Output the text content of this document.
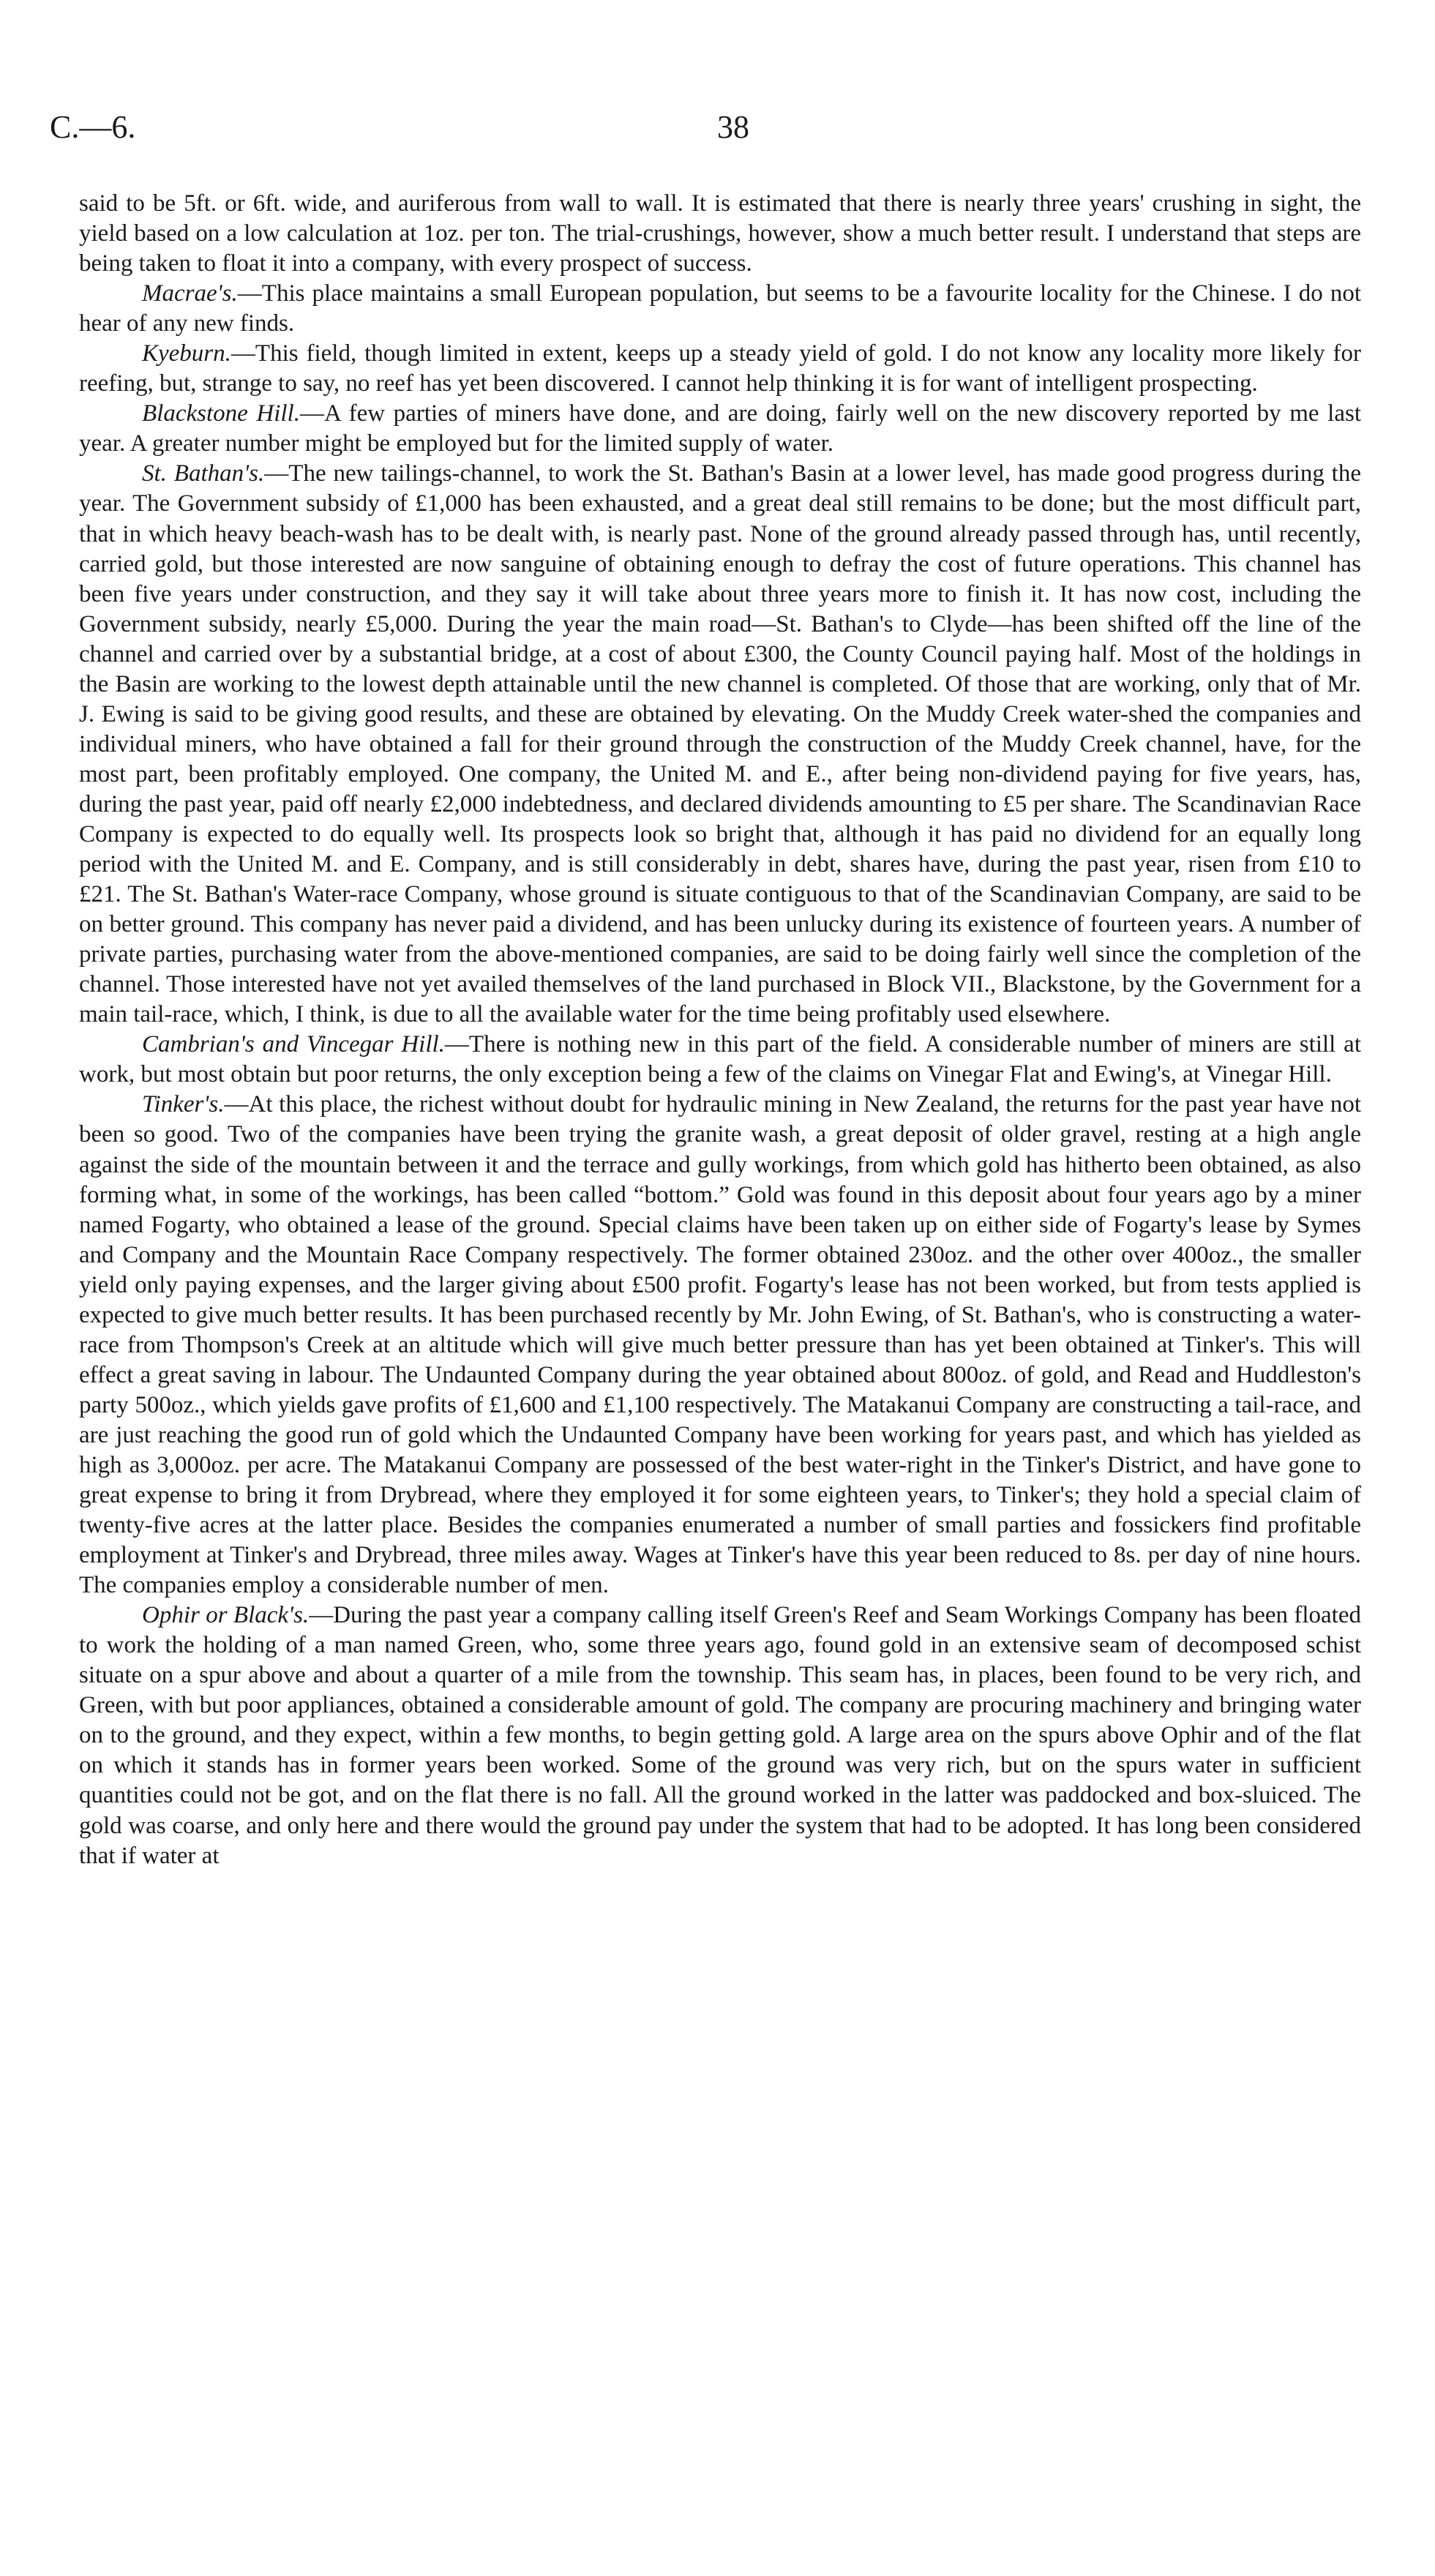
C.—6.	38

said to be 5ft. or 6ft. wide, and auriferous from wall to wall. It is estimated that there is nearly three years' crushing in sight, the yield based on a low calculation at 1oz. per ton. The trial-crushings, however, show a much better result. I understand that steps are being taken to float it into a company, with every prospect of success.

Macrae's.—This place maintains a small European population, but seems to be a favourite locality for the Chinese. I do not hear of any new finds.

Kyeburn.—This field, though limited in extent, keeps up a steady yield of gold. I do not know any locality more likely for reefing, but, strange to say, no reef has yet been discovered. I cannot help thinking it is for want of intelligent prospecting.

Blackstone Hill.—A few parties of miners have done, and are doing, fairly well on the new discovery reported by me last year. A greater number might be employed but for the limited supply of water.

St. Bathan's.—The new tailings-channel, to work the St. Bathan's Basin at a lower level, has made good progress during the year. The Government subsidy of £1,000 has been exhausted, and a great deal still remains to be done; but the most difficult part, that in which heavy beach-wash has to be dealt with, is nearly past. None of the ground already passed through has, until recently, carried gold, but those interested are now sanguine of obtaining enough to defray the cost of future operations. This channel has been five years under construction, and they say it will take about three years more to finish it. It has now cost, including the Government subsidy, nearly £5,000. During the year the main road—St. Bathan's to Clyde—has been shifted off the line of the channel and carried over by a substantial bridge, at a cost of about £300, the County Council paying half. Most of the holdings in the Basin are working to the lowest depth attainable until the new channel is completed. Of those that are working, only that of Mr. J. Ewing is said to be giving good results, and these are obtained by elevating. On the Muddy Creek water-shed the companies and individual miners, who have obtained a fall for their ground through the construction of the Muddy Creek channel, have, for the most part, been profitably employed. One company, the United M. and E., after being non-dividend paying for five years, has, during the past year, paid off nearly £2,000 indebtedness, and declared dividends amounting to £5 per share. The Scandinavian Race Company is expected to do equally well. Its prospects look so bright that, although it has paid no dividend for an equally long period with the United M. and E. Company, and is still considerably in debt, shares have, during the past year, risen from £10 to £21. The St. Bathan's Water-race Company, whose ground is situate contiguous to that of the Scandinavian Company, are said to be on better ground. This company has never paid a dividend, and has been unlucky during its existence of fourteen years. A number of private parties, purchasing water from the above-mentioned companies, are said to be doing fairly well since the completion of the channel. Those interested have not yet availed themselves of the land purchased in Block VII., Blackstone, by the Government for a main tail-race, which, I think, is due to all the available water for the time being profitably used elsewhere.

Cambrian's and Vincegar Hill.—There is nothing new in this part of the field. A considerable number of miners are still at work, but most obtain but poor returns, the only exception being a few of the claims on Vinegar Flat and Ewing's, at Vinegar Hill.

Tinker's.—At this place, the richest without doubt for hydraulic mining in New Zealand, the returns for the past year have not been so good. Two of the companies have been trying the granite wash, a great deposit of older gravel, resting at a high angle against the side of the mountain between it and the terrace and gully workings, from which gold has hitherto been obtained, as also forming what, in some of the workings, has been called “bottom.” Gold was found in this deposit about four years ago by a miner named Fogarty, who obtained a lease of the ground. Special claims have been taken up on either side of Fogarty's lease by Symes and Company and the Mountain Race Company respectively. The former obtained 230oz. and the other over 400oz., the smaller yield only paying expenses, and the larger giving about £500 profit. Fogarty's lease has not been worked, but from tests applied is expected to give much better results. It has been purchased recently by Mr. John Ewing, of St. Bathan's, who is constructing a water-race from Thompson's Creek at an altitude which will give much better pressure than has yet been obtained at Tinker's. This will effect a great saving in labour. The Undaunted Company during the year obtained about 800oz. of gold, and Read and Huddleston's party 500oz., which yields gave profits of £1,600 and £1,100 respectively. The Matakanui Company are constructing a tail-race, and are just reaching the good run of gold which the Undaunted Company have been working for years past, and which has yielded as high as 3,000oz. per acre. The Matakanui Company are possessed of the best water-right in the Tinker's District, and have gone to great expense to bring it from Drybread, where they employed it for some eighteen years, to Tinker's; they hold a special claim of twenty-five acres at the latter place. Besides the companies enumerated a number of small parties and fossickers find profitable employment at Tinker's and Drybread, three miles away. Wages at Tinker's have this year been reduced to 8s. per day of nine hours. The companies employ a considerable number of men.

Ophir or Black's.—During the past year a company calling itself Green's Reef and Seam Workings Company has been floated to work the holding of a man named Green, who, some three years ago, found gold in an extensive seam of decomposed schist situate on a spur above and about a quarter of a mile from the township. This seam has, in places, been found to be very rich, and Green, with but poor appliances, obtained a considerable amount of gold. The company are procuring machinery and bringing water on to the ground, and they expect, within a few months, to begin getting gold. A large area on the spurs above Ophir and of the flat on which it stands has in former years been worked. Some of the ground was very rich, but on the spurs water in sufficient quantities could not be got, and on the flat there is no fall. All the ground worked in the latter was paddocked and box-sluiced. The gold was coarse, and only here and there would the ground pay under the system that had to be adopted. It has long been considered that if water at
